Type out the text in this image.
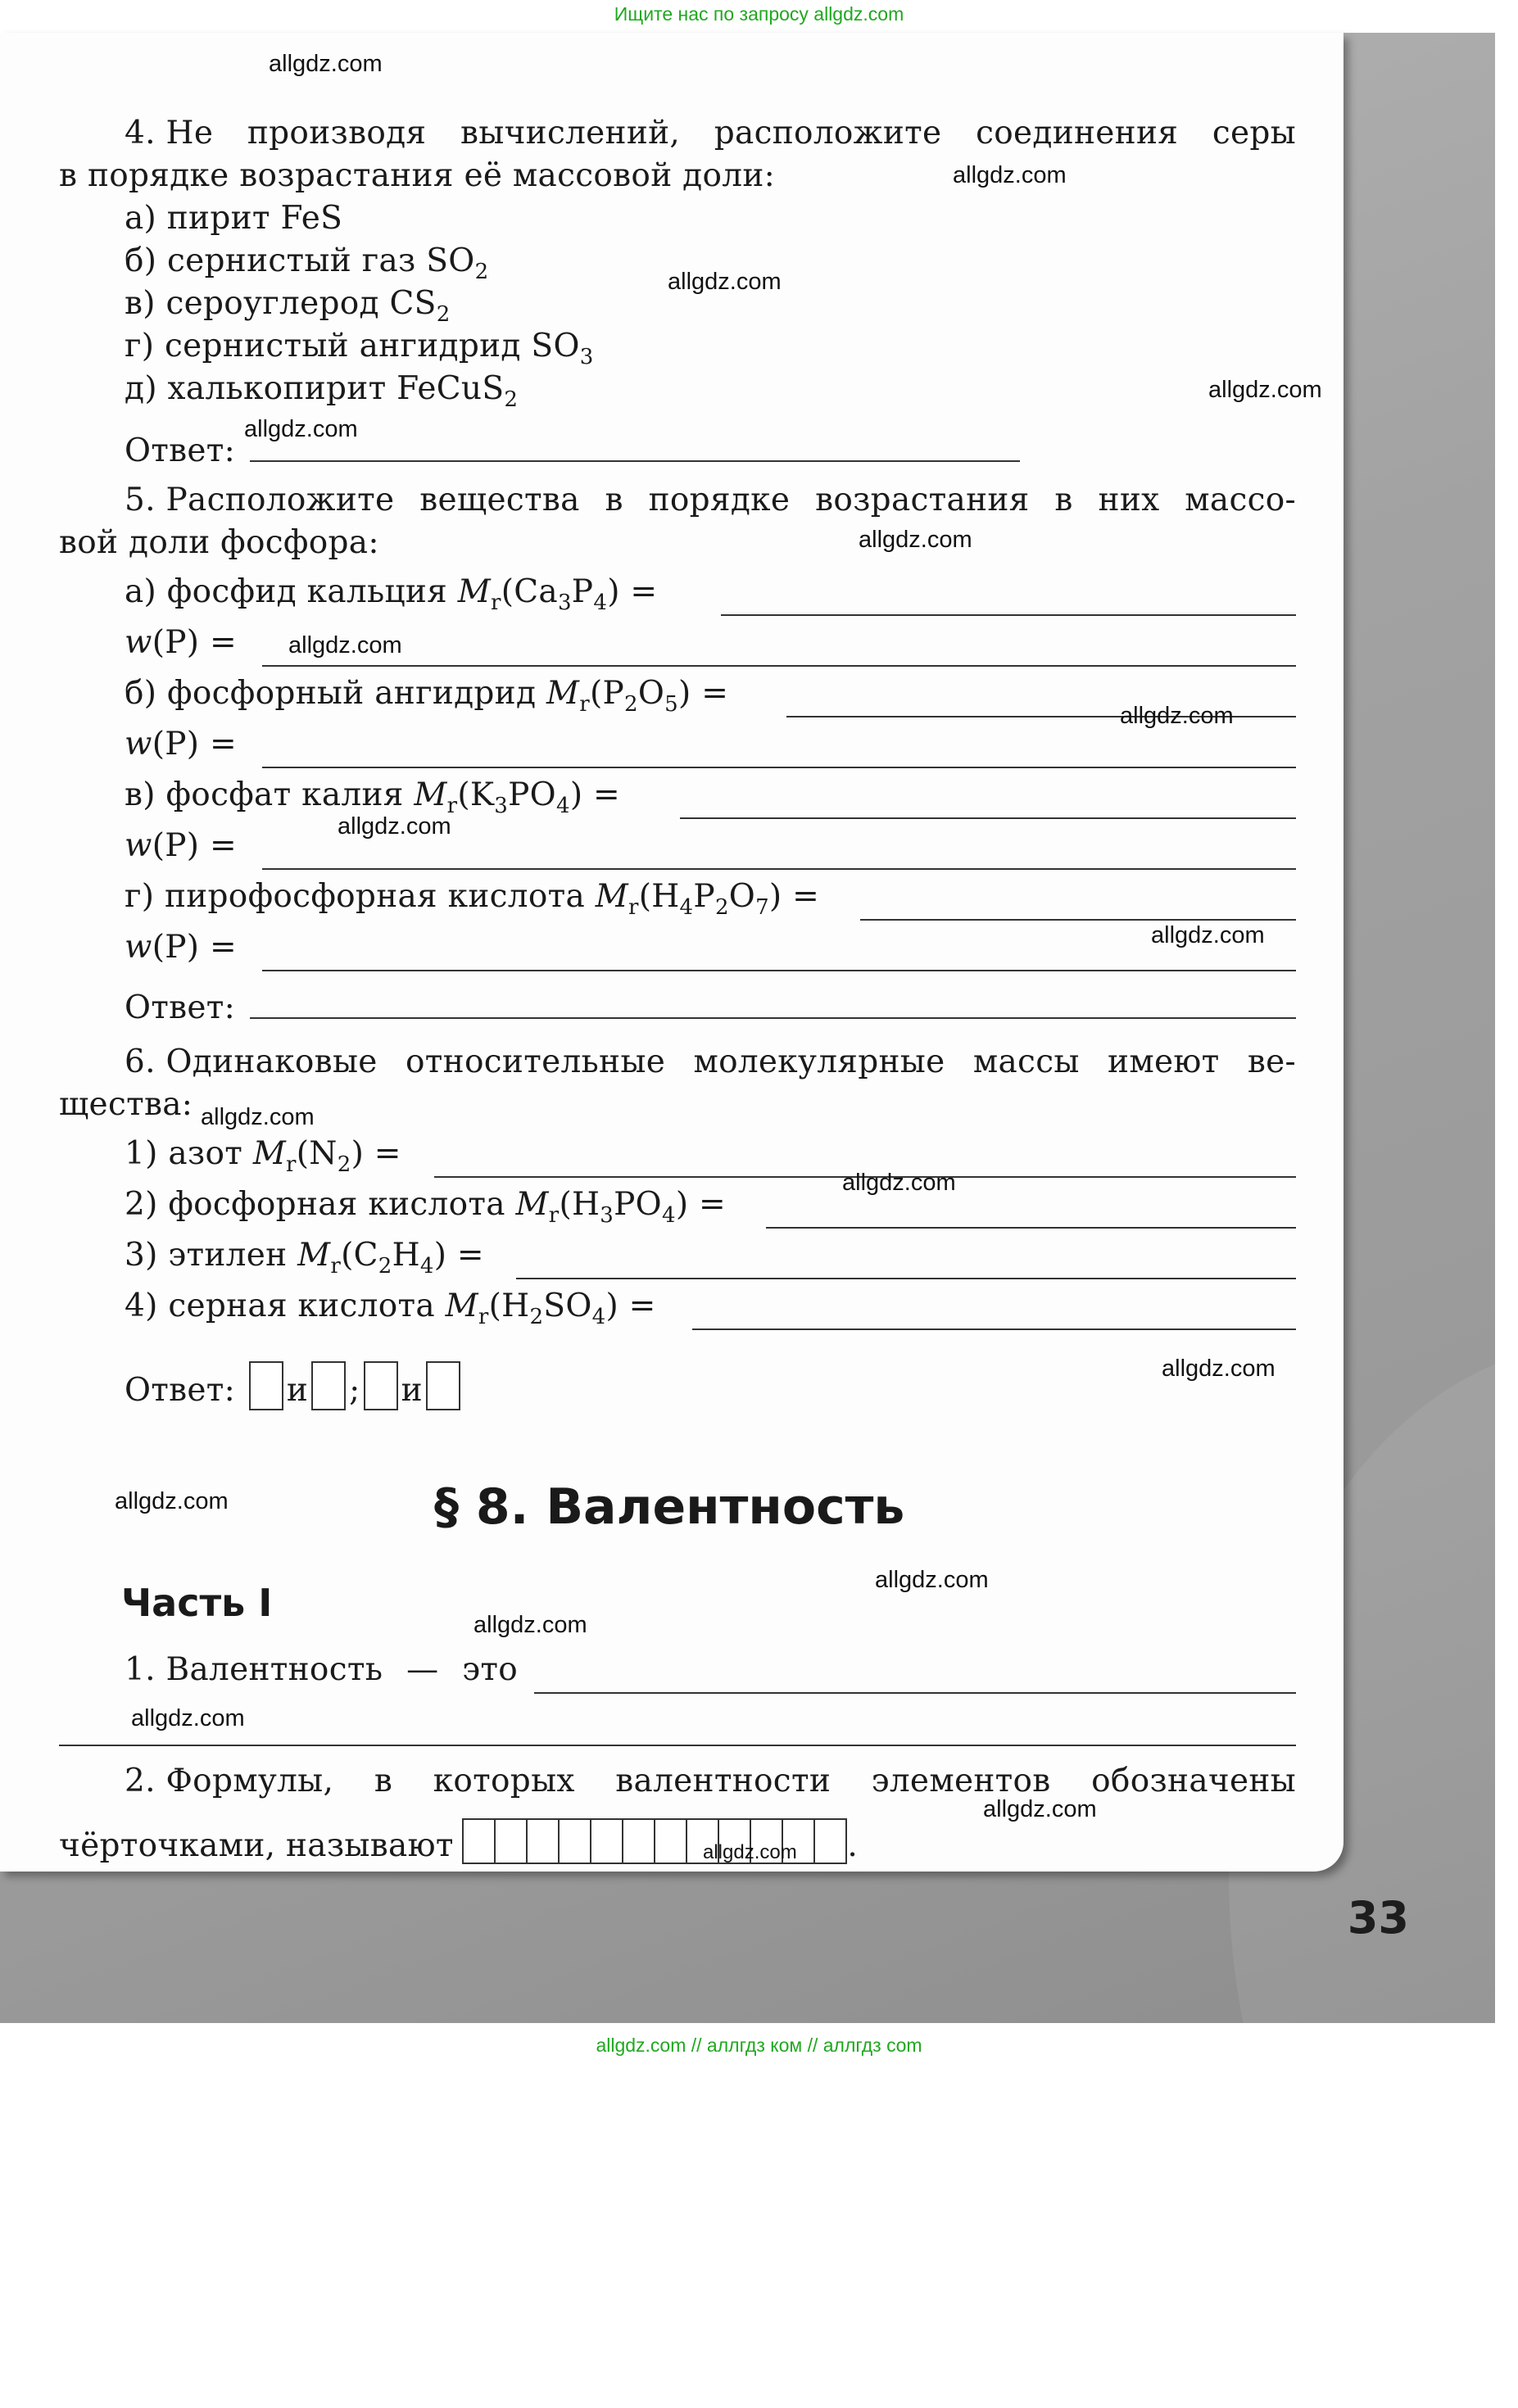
Ищите нас по запросу allgdz.com
33
4. Не производя вычислений, расположите соединения серы
в порядке возрастания её массовой доли:
а) пирит FeS
б) сернистый газ $SO_2$
в) сероуглерод $CS_2$
г) сернистый ангидрид $SO_3$
д) халькопирит FeCuS$_2$
Ответ:
5. Расположите вещества в порядке возрастания в них массо-
вой доли фосфора:
а) фосфид кальция $M_r(Ca_3P_4)$ =
w(P) =
б) фосфорный ангидрид $M_r(P_2O_5)$ =
w(P) =
в) фосфат калия $M_r(K_3PO_4)$ =
w(P) =
г) пирофосфорная кислота $M_r(H_4P_2O_7)$ =
w(P) =
Ответ:
6. Одинаковые относительные молекулярные массы имеют ве-
щества:
1) азот $M_r(N_2)$ =
2) фосфорная кислота $M_r(H_3PO_4)$ =
3) этилен $M_r(C_2H_4)$ =
4) серная кислота $M_r(H_2SO_4)$ =
Ответ: и ; и
§ 8. Валентность
Часть I
1. Валентность — это
2. Формулы, в которых валентности элементов обозначены
чёрточками, называют	.
allgdz.com
allgdz.com
allgdz.com
allgdz.com
allgdz.com
allgdz.com
allgdz.com
allgdz.com
allgdz.com
allgdz.com
allgdz.com
allgdz.com
allgdz.com
allgdz.com
allgdz.com
allgdz.com
allgdz.com
allgdz.com
allgdz.com
allgdz.com // аллгдз ком // аллгдз com
